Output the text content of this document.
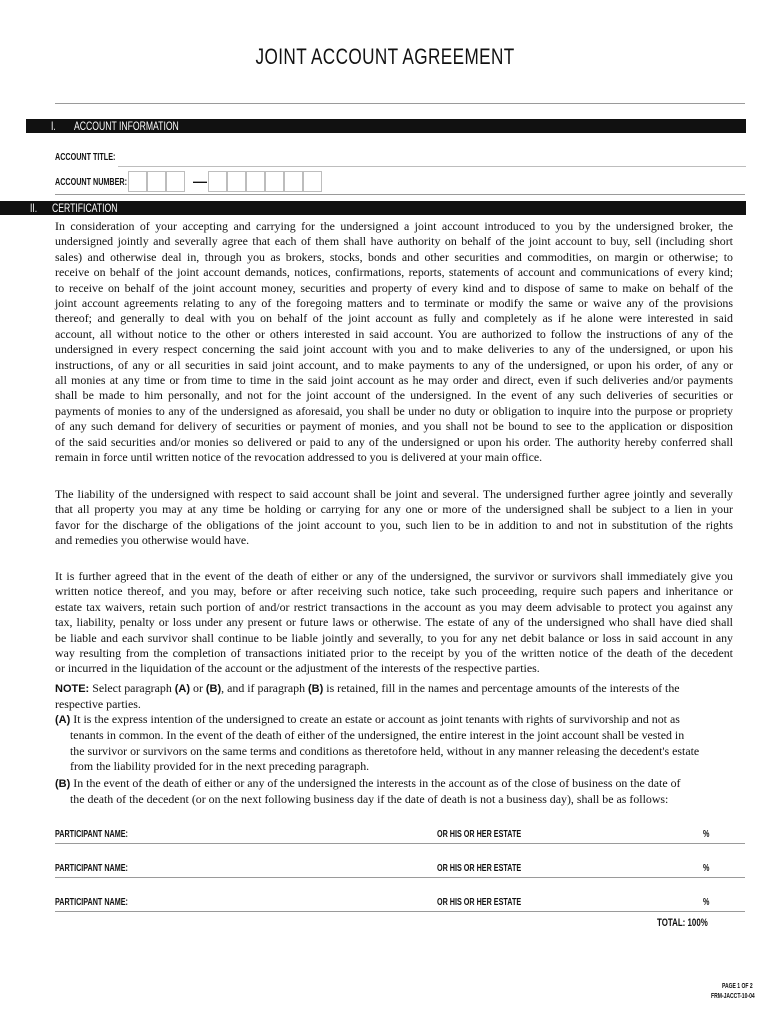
JOINT ACCOUNT AGREEMENT
I. ACCOUNT INFORMATION
ACCOUNT TITLE:
ACCOUNT NUMBER:	—
II. CERTIFICATION
In consideration of your accepting and carrying for the undersigned a joint account introduced to you by the undersigned broker, the
undersigned jointly and severally agree that each of them shall have authority on behalf of the joint account to buy, sell (including short
sales) and otherwise deal in, through you as brokers, stocks, bonds and other securities and commodities, on margin or otherwise; to
receive on behalf of the joint account demands, notices, confirmations, reports, statements of account and communications of every kind;
to receive on behalf of the joint account money, securities and property of every kind and to dispose of same to make on behalf of the
joint account agreements relating to any of the foregoing matters and to terminate or modify the same or waive any of the provisions
thereof; and generally to deal with you on behalf of the joint account as fully and completely as if he alone were interested in said
account, all without notice to the other or others interested in said account. You are authorized to follow the instructions of any of the
undersigned in every respect concerning the said joint account with you and to make deliveries to any of the undersigned, or upon his
instructions, of any or all securities in said joint account, and to make payments to any of the undersigned, or upon his order, of any or
all monies at any time or from time to time in the said joint account as he may order and direct, even if such deliveries and/or payments
shall be made to him personally, and not for the joint account of the undersigned. In the event of any such deliveries of securities or
payments of monies to any of the undersigned as aforesaid, you shall be under no duty or obligation to inquire into the purpose or propriety
of any such demand for delivery of securities or payment of monies, and you shall not be bound to see to the application or disposition
of the said securities and/or monies so delivered or paid to any of the undersigned or upon his order. The authority hereby conferred shall
remain in force until written notice of the revocation addressed to you is delivered at your main office.
The liability of the undersigned with respect to said account shall be joint and several. The undersigned further agree jointly and severally
that all property you may at any time be holding or carrying for any one or more of the undersigned shall be subject to a lien in your
favor for the discharge of the obligations of the joint account to you, such lien to be in addition to and not in substitution of the rights
and remedies you otherwise would have.
It is further agreed that in the event of the death of either or any of the undersigned, the survivor or survivors shall immediately give you
written notice thereof, and you may, before or after receiving such notice, take such proceeding, require such papers and inheritance or
estate tax waivers, retain such portion of and/or restrict transactions in the account as you may deem advisable to protect you against any
tax, liability, penalty or loss under any present or future laws or otherwise. The estate of any of the undersigned who shall have died shall
be liable and each survivor shall continue to be liable jointly and severally, to you for any net debit balance or loss in said account in any
way resulting from the completion of transactions initiated prior to the receipt by you of the written notice of the death of the decedent
or incurred in the liquidation of the account or the adjustment of the interests of the respective parties.
NOTE: Select paragraph (A) or (B), and if paragraph (B) is retained, fill in the names and percentage amounts of the interests of the
respective parties.
(A) It is the express intention of the undersigned to create an estate or account as joint tenants with rights of survivorship and not as
tenants in common. In the event of the death of either of the undersigned, the entire interest in the joint account shall be vested in
the survivor or survivors on the same terms and conditions as theretofore held, without in any manner releasing the decedent's estate
from the liability provided for in the next preceding paragraph.
(B) In the event of the death of either or any of the undersigned the interests in the account as of the close of business on the date of
the death of the decedent (or on the next following business day if the date of death is not a business day), shall be as follows:
PARTICIPANT NAME:	OR HIS OR HER ESTATE	%
PARTICIPANT NAME:	OR HIS OR HER ESTATE	%
PARTICIPANT NAME:	OR HIS OR HER ESTATE	%
TOTAL: 100%
PAGE 1 OF 2
FRM-JACCT-10-04
